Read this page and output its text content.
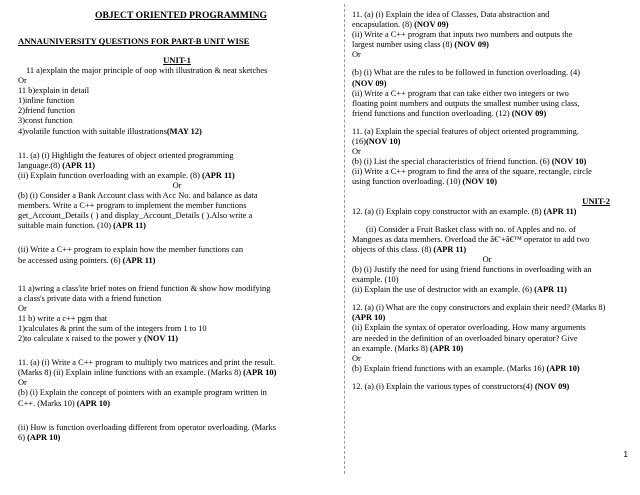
OBJECT ORIENTED PROGRAMMING

ANNAUNIVERSITY QUESTIONS FOR PART-B UNIT WISE

UNIT-1

11 a)explain the major principle of oop with illustration & neat sketches

Or

11 b)explain in detail

1)inline function

2)friend function

3)const function

4)volatile function with suitable illustrations(MAY 12)

11. (a) (i) Highlight the features of object oriented programming

language.(8) (APR 11)

(ii) Explain function overloading with an example. (8) (APR 11)

Or

(b) (i) Consider a Bank Account class with Acc No. and balance as data

members. Write a C++ program to implement the member functions

get_Account_Details ( ) and display_Account_Details ( ).Also write a

suitable main function. (10) (APR 11)

(ii) Write a C++ program to explain how the member functions can

be accessed using pointers. (6) (APR 11)

11 a)wring a class'ite brief notes on friend function & show how modifying

a class's private data with a friend function

Or

11 b) write a c++ pgm that

1)calculates & print the sum of the integers from 1 to 10

2)to calculate x raised to the power y (NOV 11)

11. (a) (i) Write a C++ program to multiply two matrices and print the result.

(Marks 8) (ii) Explain inline functions with an example. (Marks 8) (APR 10)

Or

(b) (i) Explain the concept of pointers with an example program written in

C++. (Marks 10) (APR 10)

(ii) How is function overloading different from operator overloading. (Marks

6) (APR 10)

11. (a) (i) Explain the idea of Classes, Data abstraction and

encapsulation. (8) (NOV 09)

(ii) Write a C++ program that inputs two numbers and outputs the

largest number using class (8) (NOV 09)

Or

(b) (i) What are the rules to be followed in function overloading. (4)

(NOV 09)

(ii) Write a C++ program that can take either two integers or two

floating point numbers and outputs the smallest number using class,

friend functions and function overloading. (12) (NOV 09)

11. (a) Explain the special features of object oriented programming.

(16)(NOV 10)

Or

(b) (i) List the special characteristics of friend function. (6) (NOV 10)

(ii) Write a C++ program to find the area of the square, rectangle, circle

using function overloading. (10) (NOV 10)

UNIT-2

12. (a) (i) Explain copy constructor with an example. (8) (APR 11)

(ii) Consider a Fruit Basket class with no. of Apples and no. of

Mangoes as data members. Overload the â€˜+â€™ operator to add two

objects of this class. (8) (APR 11)

Or

(b) (i) Justify the need for using friend functions in overloading with an

example. (10)

(ii) Explain the use of destructor with an example. (6) (APR 11)

12. (a) (i) What are the copy constructors and explain their need? (Marks 8)

(APR 10)

(ii) Explain the syntax of operator overloading. How many arguments

are needed in the definition of an overloaded binary operator? Give

an example. (Marks 8) (APR 10)

Or

(b) Explain friend functions with an example. (Marks 16) (APR 10)

12. (a) (i) Explain the various types of constructors(4) (NOV 09)

1
